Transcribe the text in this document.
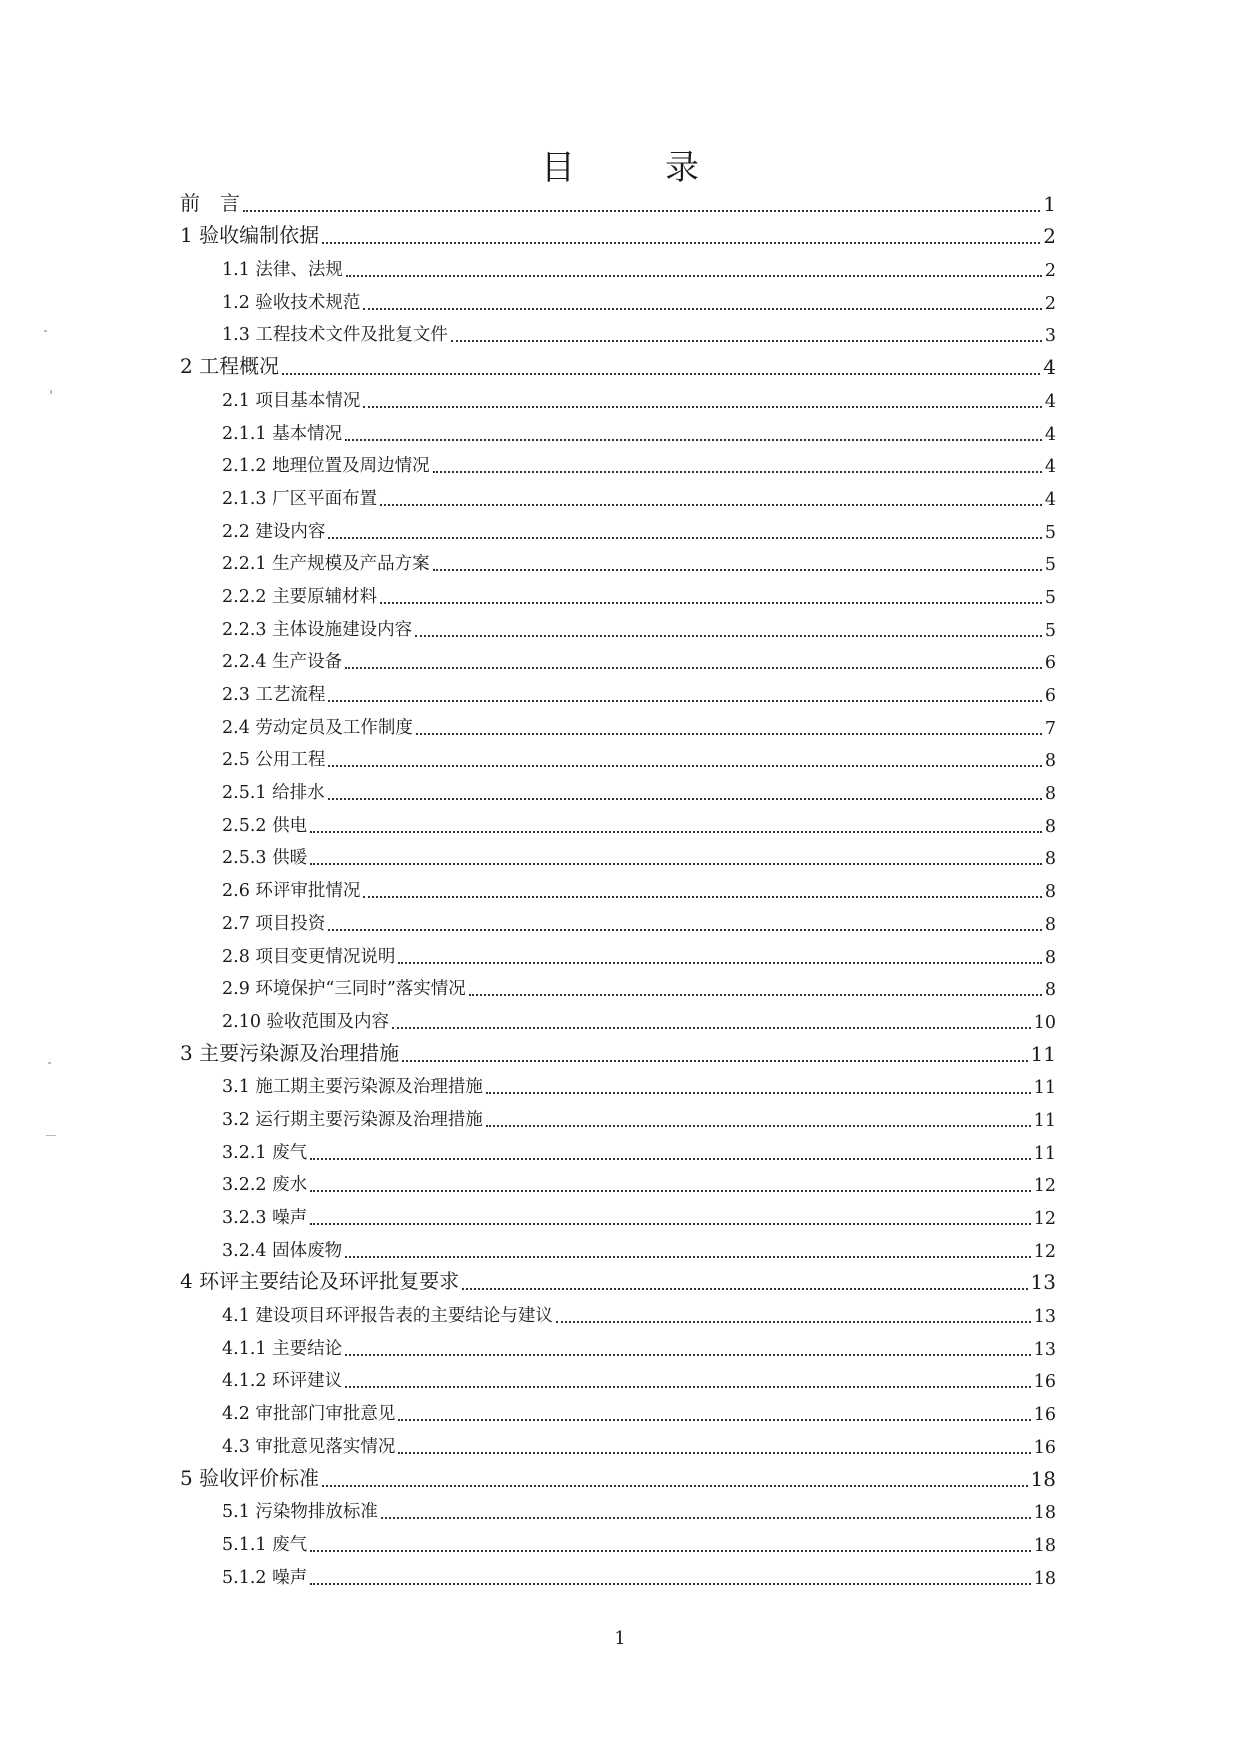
目　录
前　言	1
1 验收编制依据	2
1.1 法律、法规	2
1.2 验收技术规范	2
1.3 工程技术文件及批复文件	3
2 工程概况	4
2.1 项目基本情况	4
2.1.1 基本情况	4
2.1.2 地理位置及周边情况	4
2.1.3 厂区平面布置	4
2.2 建设内容	5
2.2.1 生产规模及产品方案	5
2.2.2 主要原辅材料	5
2.2.3 主体设施建设内容	5
2.2.4 生产设备	6
2.3 工艺流程	6
2.4 劳动定员及工作制度	7
2.5 公用工程	8
2.5.1 给排水	8
2.5.2 供电	8
2.5.3 供暖	8
2.6 环评审批情况	8
2.7 项目投资	8
2.8 项目变更情况说明	8
2.9 环境保护“三同时”落实情况	8
2.10 验收范围及内容	10
3 主要污染源及治理措施	11
3.1 施工期主要污染源及治理措施	11
3.2 运行期主要污染源及治理措施	11
3.2.1 废气	11
3.2.2 废水	12
3.2.3 噪声	12
3.2.4 固体废物	12
4 环评主要结论及环评批复要求	13
4.1 建设项目环评报告表的主要结论与建议	13
4.1.1 主要结论	13
4.1.2 环评建议	16
4.2 审批部门审批意见	16
4.3 审批意见落实情况	16
5 验收评价标准	18
5.1 污染物排放标准	18
5.1.1 废气	18
5.1.2 噪声	18
1
